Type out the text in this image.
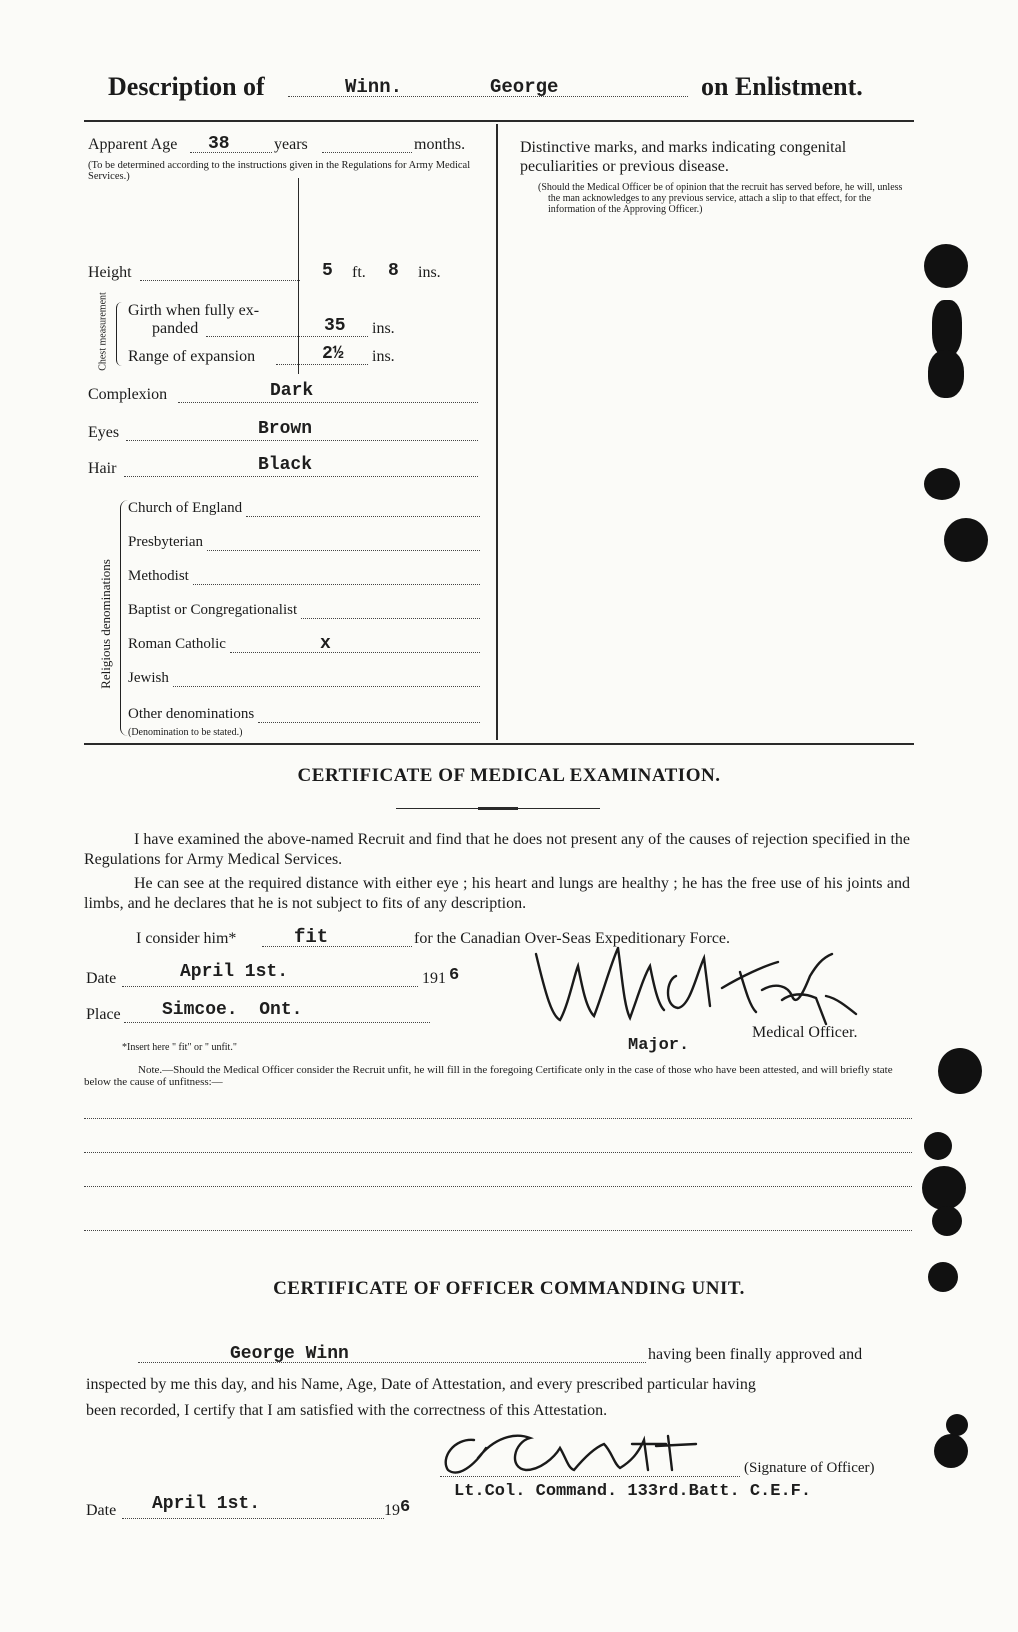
Description of	Winn.	George	on Enlistment.
Apparent Age 38	years	months.
(To be determined according to the instructions given in the Regulations for Army Medical Services.)
Height	5 ft. 8 ins.
Chest measurement Girth when fully ex-
panded	35 ins.
Range of expansion	2½ ins.
Complexion	Dark
Eyes	Brown
Hair	Black
Religious denominations
Church of England
Presbyterian
Methodist
Baptist or Congregationalist
Roman Catholic	x
Jewish
Other denominations
(Denomination to be stated.)
Distinctive marks, and marks indicating congenital peculiarities or previous disease.
(Should the Medical Officer be of opinion that the recruit has served before, he will, unless the man acknowledges to any previous service, attach a slip to that effect, for the information of the Approving Officer.)
CERTIFICATE OF MEDICAL EXAMINATION.
I have examined the above-named Recruit and find that he does not present any of the causes of rejection specified in the Regulations for Army Medical Services.
He can see at the required distance with either eye ; his heart and lungs are healthy ; he has the free use of his joints and limbs, and he declares that he is not subject to fits of any description.
I consider him*	fit	for the Canadian Over-Seas Expeditionary Force.
Date	April 1st.	191 6
Place Simcoe.  Ont.
Major.
Medical Officer.
*Insert here " fit" or " unfit."
Note.—Should the Medical Officer consider the Recruit unfit, he will fill in the foregoing Certificate only in the case of those who have been attested, and will briefly state below the cause of unfitness:—
CERTIFICATE OF OFFICER COMMANDING UNIT.
George Winn	having been finally approved and
inspected by me this day, and his Name, Age, Date of Attestation, and every prescribed particular having
been recorded, I certify that I am satisfied with the correctness of this Attestation.
(Signature of Officer)
Lt.Col. Command. 133rd.Batt. C.E.F.
Date April 1st.	19 6
